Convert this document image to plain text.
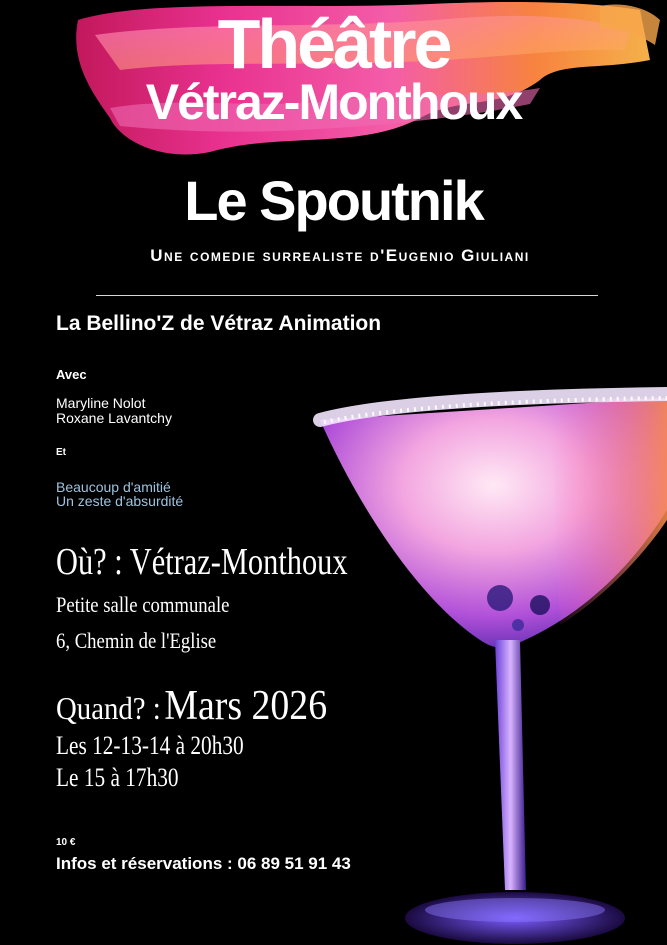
Théâtre
Vétraz-Monthoux
Le Spoutnik
Une comedie surrealiste d'Eugenio Giuliani
La Bellino'Z de Vétraz Animation
Avec
Maryline Nolot
Roxane Lavantchy
Et
Beaucoup d'amitié
Un zeste d'absurdité
Où? : Vétraz-Monthoux
Petite salle communale
6, Chemin de l'Eglise
Quand? : Mars 2026
Les 12-13-14 à 20h30
Le 15 à 17h30
10 €
Infos et réservations : 06 89 51 91 43
